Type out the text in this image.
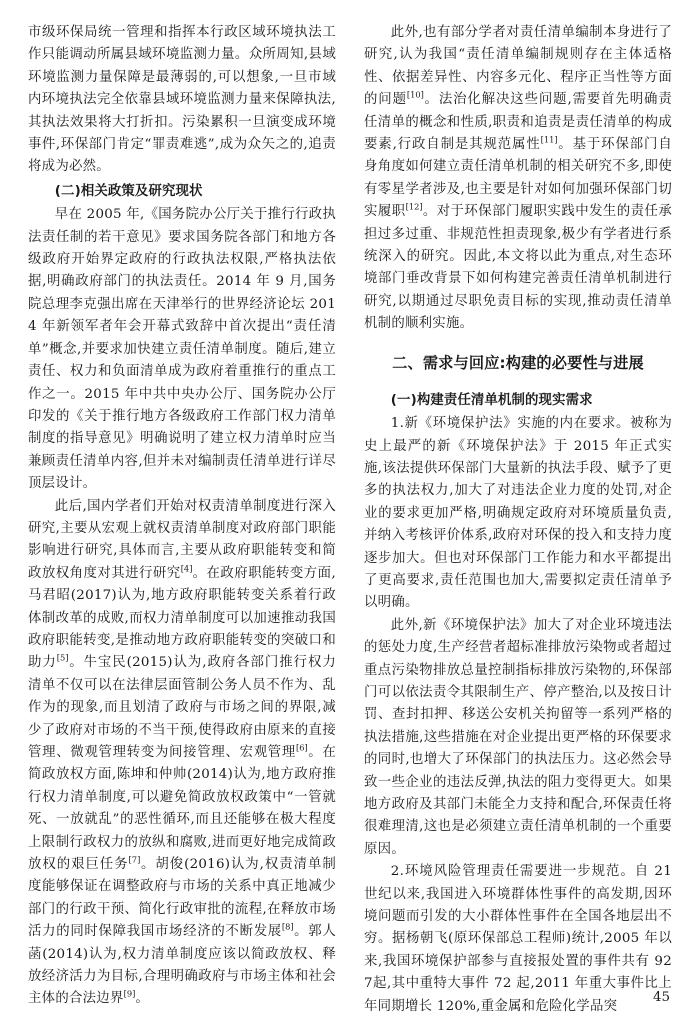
市级环保局统一管理和指挥本行政区域环境执法工作只能调动所属县域环境监测力量。众所周知,县域环境监测力量保障是最薄弱的,可以想象,一旦市域内环境执法完全依靠县域环境监测力量来保障执法,其执法效果将大打折扣。污染累积一旦演变成环境事件,环保部门肯定“罪责难逃”,成为众矢之的,追责将成为必然。

(二)相关政策及研究现状

早在 2005 年,《国务院办公厅关于推行行政执法责任制的若干意见》要求国务院各部门和地方各级政府开始界定政府的行政执法权限,严格执法依据,明确政府部门的执法责任。2014 年 9 月,国务院总理李克强出席在天津举行的世界经济论坛 2014 年新领军者年会开幕式致辞中首次提出“责任清单”概念,并要求加快建立责任清单制度。随后,建立责任、权力和负面清单成为政府着重推行的重点工作之一。2015 年中共中央办公厅、国务院办公厅印发的《关于推行地方各级政府工作部门权力清单制度的指导意见》明确说明了建立权力清单时应当兼顾责任清单内容,但并未对编制责任清单进行详尽顶层设计。

此后,国内学者们开始对权责清单制度进行深入研究,主要从宏观上就权责清单制度对政府部门职能影响进行研究,具体而言,主要从政府职能转变和简政放权角度对其进行研究[4]。在政府职能转变方面,马君昭(2017)认为,地方政府职能转变关系着行政体制改革的成败,而权力清单制度可以加速推动我国政府职能转变,是推动地方政府职能转变的突破口和助力[5]。牛宝民(2015)认为,政府各部门推行权力清单不仅可以在法律层面管制公务人员不作为、乱作为的现象,而且划清了政府与市场之间的界限,减少了政府对市场的不当干预,使得政府由原来的直接管理、微观管理转变为间接管理、宏观管理[6]。在简政放权方面,陈坤和仲帅(2014)认为,地方政府推行权力清单制度,可以避免简政放权政策中“一管就死、一放就乱”的恶性循环,而且还能够在极大程度上限制行政权力的放纵和腐败,进而更好地完成简政放权的艰巨任务[7]。胡俊(2016)认为,权责清单制度能够保证在调整政府与市场的关系中真正地减少部门的行政干预、简化行政审批的流程,在释放市场活力的同时保障我国市场经济的不断发展[8]。郭人菡(2014)认为,权力清单制度应该以简政放权、释放经济活力为目标,合理明确政府与市场主体和社会主体的合法边界[9]。

此外,也有部分学者对责任清单编制本身进行了研究,认为我国“责任清单编制规则存在主体适格性、依据差异性、内容多元化、程序正当性等方面的问题[10]。法治化解决这些问题,需要首先明确责任清单的概念和性质,职责和追责是责任清单的构成要素,行政自制是其规范属性[11]。基于环保部门自身角度如何建立责任清单机制的相关研究不多,即使有零星学者涉及,也主要是针对如何加强环保部门切实履职[12]。对于环保部门履职实践中发生的责任承担过多过重、非规范性担责现象,极少有学者进行系统深入的研究。因此,本文将以此为重点,对生态环境部门垂改背景下如何构建完善责任清单机制进行研究,以期通过尽职免责目标的实现,推动责任清单机制的顺利实施。

二、需求与回应:构建的必要性与进展
(一)构建责任清单机制的现实需求

1.新《环境保护法》实施的内在要求。被称为史上最严的新《环境保护法》于 2015 年正式实施,该法提供环保部门大量新的执法手段、赋予了更多的执法权力,加大了对违法企业力度的处罚,对企业的要求更加严格,明确规定政府对环境质量负责,并纳入考核评价体系,政府对环保的投入和支持力度逐步加大。但也对环保部门工作能力和水平都提出了更高要求,责任范围也加大,需要拟定责任清单予以明确。

此外,新《环境保护法》加大了对企业环境违法的惩处力度,生产经营者超标准排放污染物或者超过重点污染物排放总量控制指标排放污染物的,环保部门可以依法责令其限制生产、停产整治,以及按日计罚、查封扣押、移送公安机关拘留等一系列严格的执法措施,这些措施在对企业提出更严格的环保要求的同时,也增大了环保部门的执法压力。这必然会导致一些企业的违法反弹,执法的阻力变得更大。如果地方政府及其部门未能全力支持和配合,环保责任将很难理清,这也是必须建立责任清单机制的一个重要原因。

2.环境风险管理责任需要进一步规范。自 21 世纪以来,我国进入环境群体性事件的高发期,因环境问题而引发的大小群体性事件在全国各地层出不穷。据杨朝飞(原环保部总工程师)统计,2005 年以来,我国环境保护部参与直接报处置的事件共有 927起,其中重特大事件 72 起,2011 年重大事件比上年同期增长 120%,重金属和危险化学品突

45
